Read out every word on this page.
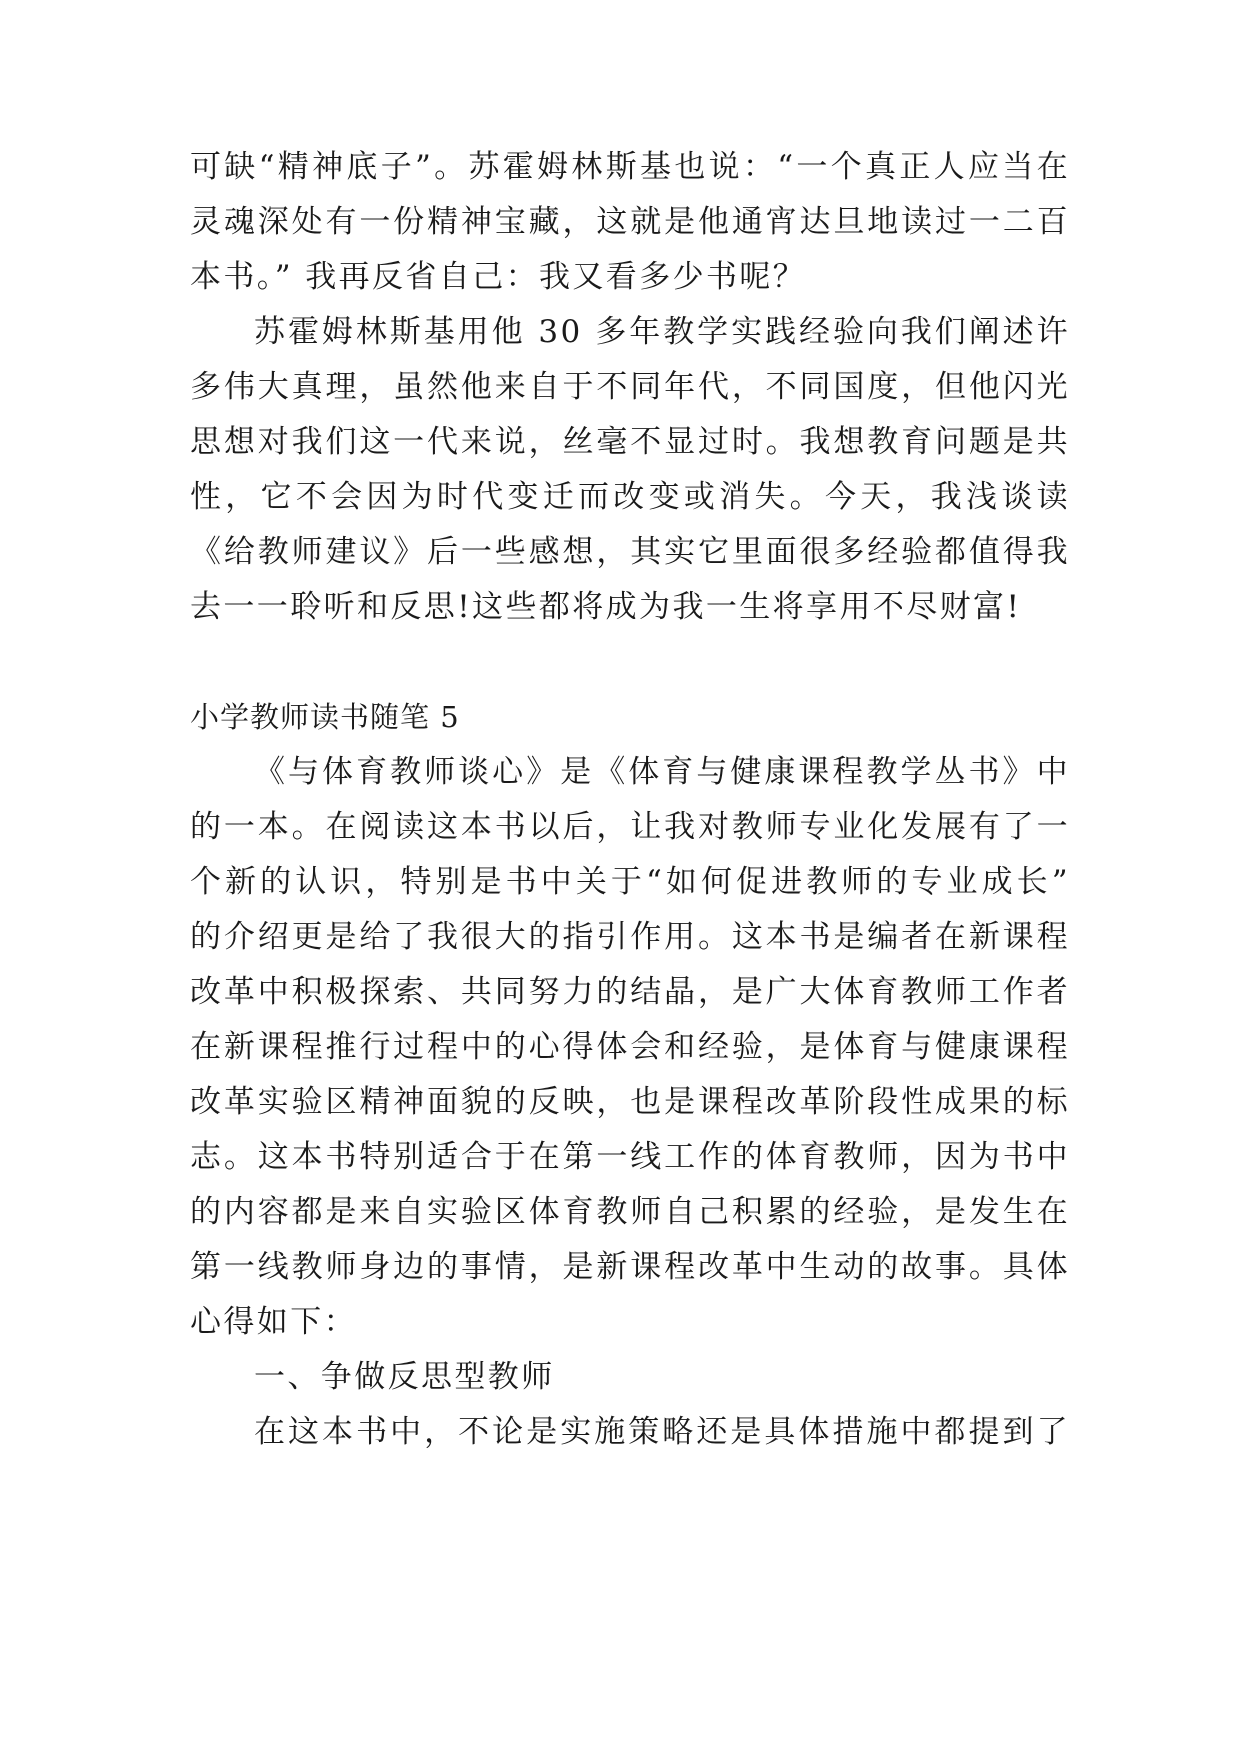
可缺“精神底子”。苏霍姆林斯基也说：“一个真正人应当在
灵魂深处有一份精神宝藏，这就是他通宵达旦地读过一二百
本书。” 我再反省自己：我又看多少书呢？
苏霍姆林斯基用他 30 多年教学实践经验向我们阐述许
多伟大真理，虽然他来自于不同年代，不同国度，但他闪光
思想对我们这一代来说，丝毫不显过时。我想教育问题是共
性，它不会因为时代变迁而改变或消失。今天，我浅谈读
《给教师建议》后一些感想，其实它里面很多经验都值得我
去一一聆听和反思!这些都将成为我一生将享用不尽财富!
小学教师读书随笔 5
《与体育教师谈心》是《体育与健康课程教学丛书》中
的一本。在阅读这本书以后，让我对教师专业化发展有了一
个新的认识，特别是书中关于“如何促进教师的专业成长”
的介绍更是给了我很大的指引作用。这本书是编者在新课程
改革中积极探索、共同努力的结晶，是广大体育教师工作者
在新课程推行过程中的心得体会和经验，是体育与健康课程
改革实验区精神面貌的反映，也是课程改革阶段性成果的标
志。这本书特别适合于在第一线工作的体育教师，因为书中
的内容都是来自实验区体育教师自己积累的经验，是发生在
第一线教师身边的事情，是新课程改革中生动的故事。具体
心得如下：
一、争做反思型教师
在这本书中，不论是实施策略还是具体措施中都提到了
